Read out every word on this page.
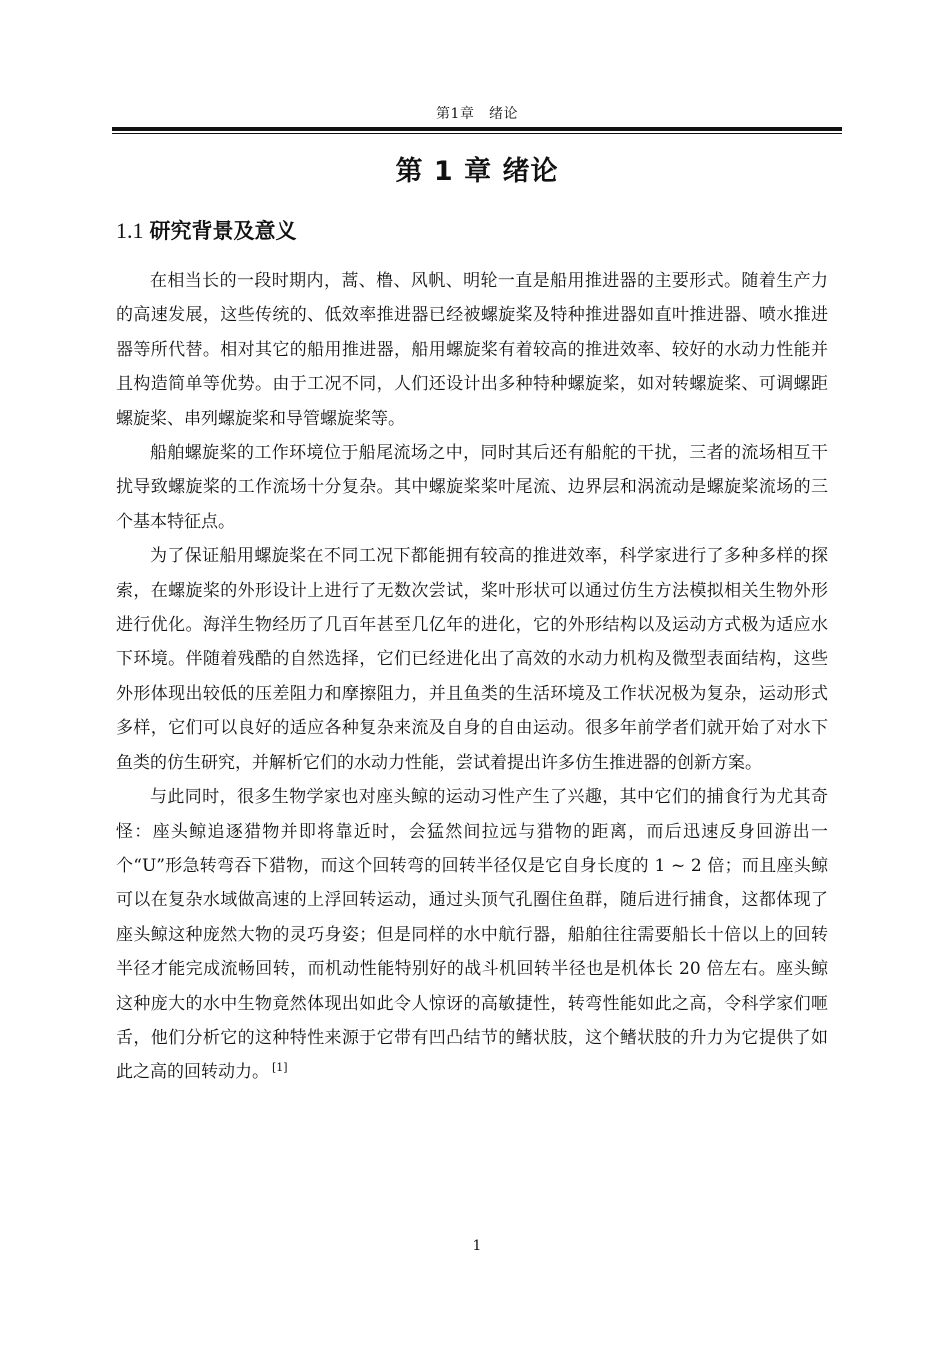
第1章　绪论
第 1 章 绪论
1.1 研究背景及意义

在相当长的一段时期内，蒿、橹、风帆、明轮一直是船用推进器的主要形式。随着生产力的高速发展，这些传统的、低效率推进器已经被螺旋桨及特种推进器如直叶推进器、喷水推进器等所代替。相对其它的船用推进器，船用螺旋桨有着较高的推进效率、较好的水动力性能并且构造简单等优势。由于工况不同，人们还设计出多种特种螺旋桨，如对转螺旋桨、可调螺距螺旋桨、串列螺旋桨和导管螺旋桨等。

船舶螺旋桨的工作环境位于船尾流场之中，同时其后还有船舵的干扰，三者的流场相互干扰导致螺旋桨的工作流场十分复杂。其中螺旋桨桨叶尾流、边界层和涡流动是螺旋桨流场的三个基本特征点。

为了保证船用螺旋桨在不同工况下都能拥有较高的推进效率，科学家进行了多种多样的探索，在螺旋桨的外形设计上进行了无数次尝试，桨叶形状可以通过仿生方法模拟相关生物外形进行优化。海洋生物经历了几百年甚至几亿年的进化，它的外形结构以及运动方式极为适应水下环境。伴随着残酷的自然选择，它们已经进化出了高效的水动力机构及微型表面结构，这些外形体现出较低的压差阻力和摩擦阻力，并且鱼类的生活环境及工作状况极为复杂，运动形式多样，它们可以良好的适应各种复杂来流及自身的自由运动。很多年前学者们就开始了对水下鱼类的仿生研究，并解析它们的水动力性能，尝试着提出许多仿生推进器的创新方案。

与此同时，很多生物学家也对座头鲸的运动习性产生了兴趣，其中它们的捕食行为尤其奇怪：座头鲸追逐猎物并即将靠近时，会猛然间拉远与猎物的距离，而后迅速反身回游出一个“U”形急转弯吞下猎物，而这个回转弯的回转半径仅是它自身长度的 1 ~ 2 倍；而且座头鲸可以在复杂水域做高速的上浮回转运动，通过头顶气孔圈住鱼群，随后进行捕食，这都体现了座头鲸这种庞然大物的灵巧身姿；但是同样的水中航行器，船舶往往需要船长十倍以上的回转半径才能完成流畅回转，而机动性能特别好的战斗机回转半径也是机体长 20 倍左右。座头鲸这种庞大的水中生物竟然体现出如此令人惊讶的高敏捷性，转弯性能如此之高，令科学家们咂舌，他们分析它的这种特性来源于它带有凹凸结节的鳍状肢，这个鳍状肢的升力为它提供了如此之高的回转动力。 [1]

1
